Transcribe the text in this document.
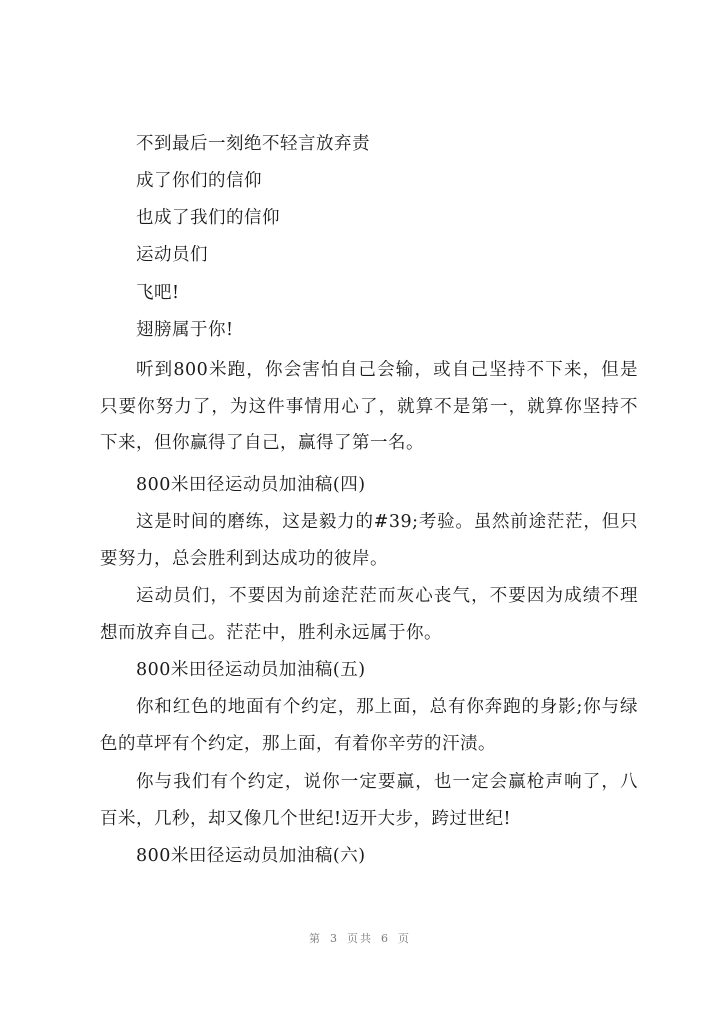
不到最后一刻绝不轻言放弃责
成了你们的信仰
也成了我们的信仰
运动员们
飞吧!
翅膀属于你!
听到800米跑，你会害怕自己会输，或自己坚持不下来，但是只要你努力了，为这件事情用心了，就算不是第一，就算你坚持不下来，但你赢得了自己，赢得了第一名。
800米田径运动员加油稿(四)
这是时间的磨练，这是毅力的#39;考验。虽然前途茫茫，但只要努力，总会胜利到达成功的彼岸。
运动员们，不要因为前途茫茫而灰心丧气，不要因为成绩不理想而放弃自己。茫茫中，胜利永远属于你。
800米田径运动员加油稿(五)
你和红色的地面有个约定，那上面，总有你奔跑的身影;你与绿色的草坪有个约定，那上面，有着你辛劳的汗渍。
你与我们有个约定，说你一定要赢，也一定会赢枪声响了，八百米，几秒，却又像几个世纪!迈开大步，跨过世纪!
800米田径运动员加油稿(六)
第 3 页共 6 页
